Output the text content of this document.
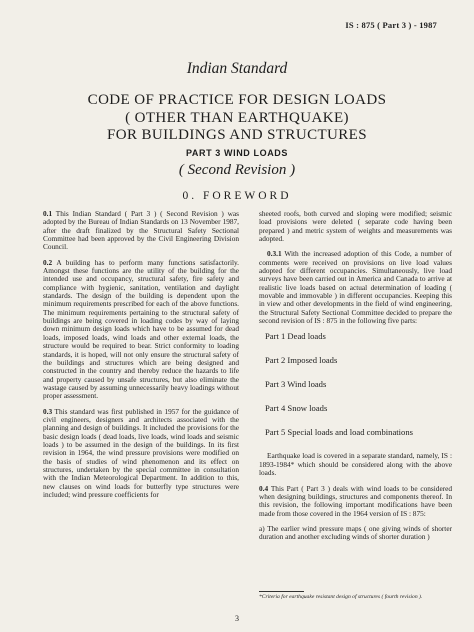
IS : 875 ( Part 3 ) - 1987
Indian Standard
CODE OF PRACTICE FOR DESIGN LOADS
( OTHER THAN EARTHQUAKE)
FOR BUILDINGS AND STRUCTURES
PART 3 WIND LOADS
( Second Revision )
0. FOREWORD

0.1 This Indian Standard ( Part 3 ) ( Second Revision ) was adopted by the Bureau of Indian Standards on 13 November 1987, after the draft finalized by the Structural Safety Sectional Committee had been approved by the Civil Engineering Division Council.

0.2 A building has to perform many functions satisfactorily. Amongst these functions are the utility of the building for the intended use and occupancy, structural safety, fire safety and compliance with hygienic, sanitation, ventilation and daylight standards. The design of the building is dependent upon the minimum requirements prescribed for each of the above functions. The minimum requirements pertaining to the structural safety of buildings are being covered in loading codes by way of laying down minimum design loads which have to be assumed for dead loads, imposed loads, wind loads and other external loads, the structure would be required to bear. Strict conformity to loading standards, it is hoped, will not only ensure the structural safety of the buildings and structures which are being designed and constructed in the country and thereby reduce the hazards to life and property caused by unsafe structures, but also eliminate the wastage caused by assuming unnecessarily heavy loadings without proper assessment.

0.3 This standard was first published in 1957 for the guidance of civil engineers, designers and architects associated with the planning and design of buildings. It included the provisions for the basic design loads ( dead loads, live loads, wind loads and seismic loads ) to be assumed in the design of the buildings. In its first revision in 1964, the wind pressure provisions were modified on the basis of studies of wind phenomenon and its effect on structures, undertaken by the special committee in consultation with the Indian Meteorological Department. In addition to this, new clauses on wind loads for butterfly type structures were included; wind pressure coefficients for

sheeted roofs, both curved and sloping were modified; seismic load provisions were deleted ( separate code having been prepared ) and metric system of weights and measurements was adopted.

0.3.1 With the increased adoption of this Code, a number of comments were received on provisions on live load values adopted for different occupancies. Simultaneously, live load surveys have been carried out in America and Canada to arrive at realistic live loads based on actual determination of loading ( movable and immovable ) in different occupancies. Keeping this in view and other developments in the field of wind engineering, the Structural Safety Sectional Committee decided to prepare the second revision of IS : 875 in the following five parts:

Part 1 Dead loads
Part 2 Imposed loads
Part 3 Wind loads
Part 4 Snow loads
Part 5 Special loads and load combinations

Earthquake load is covered in a separate standard, namely, IS : 1893-1984* which should be considered along with the above loads.

0.4 This Part ( Part 3 ) deals with wind loads to be considered when designing buildings, structures and components thereof. In this revision, the following important modifications have been made from those covered in the 1964 version of IS : 875:

a) The earlier wind pressure maps ( one giving winds of shorter duration and another excluding winds of shorter duration )

*Criteria for earthquake resistant design of structures ( fourth revision ).
3
